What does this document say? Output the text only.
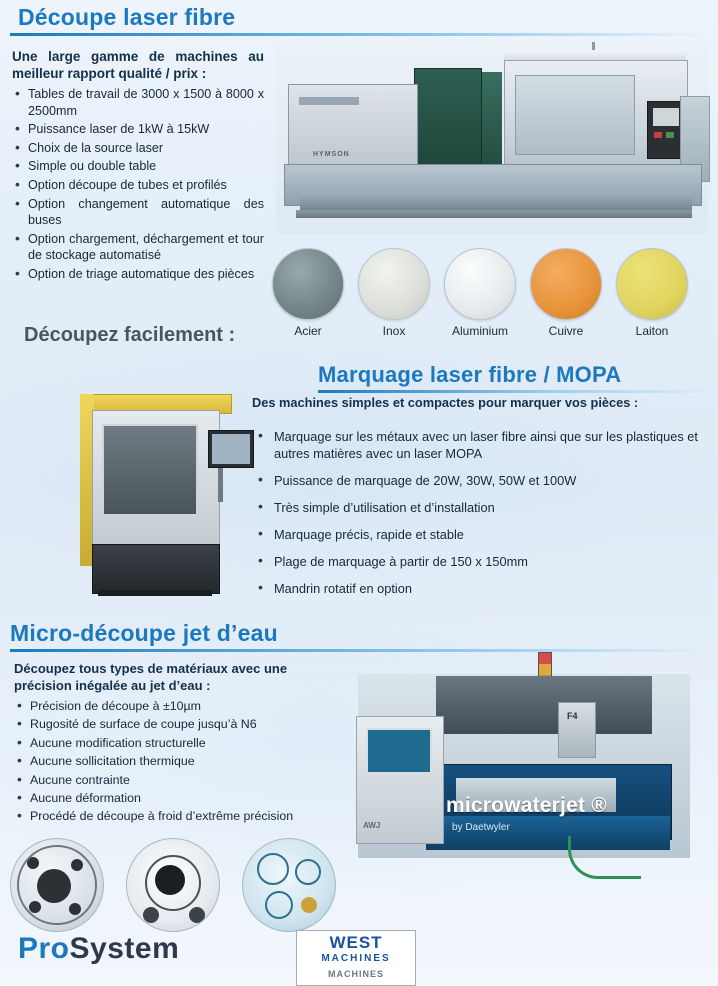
Découpe laser fibre
Une large gamme de machines au meilleur rapport qualité / prix :
• Tables de travail de 3000 x 1500 à 8000 x 2500mm
• Puissance laser de 1kW à 15kW
• Choix de la source laser
• Simple ou double table
• Option découpe de tubes et profilés
• Option changement automatique des buses
• Option chargement, déchargement et tour de stockage automatisé
• Option de triage automatique des pièces
HYMSON
Acier	Inox	Aluminium	Cuivre	Laiton
Découpez facilement :
Marquage laser fibre / MOPA
Des machines simples et compactes pour marquer vos pièces :
• Marquage sur les métaux avec un laser fibre ainsi que sur les plastiques et autres matières avec un laser MOPA
• Puissance de marquage de 20W, 30W, 50W et 100W
• Très simple d’utilisation et d’installation
• Marquage précis, rapide et stable
• Plage de marquage à partir de 150 x 150mm
• Mandrin rotatif en option
Micro-découpe jet d’eau
Découpez tous types de matériaux avec une précision inégalée au jet d’eau :
• Précision de découpe à ±10µm
• Rugosité de surface de coupe jusqu’à N6
• Aucune modification structurelle
• Aucune sollicitation thermique
• Aucune contrainte
• Aucune déformation
• Procédé de découpe à froid d’extrême précision
F4
microwaterjet ®
by Daetwyler
AWJ
ProSystem	WEST
MACHINES
MACHINES
